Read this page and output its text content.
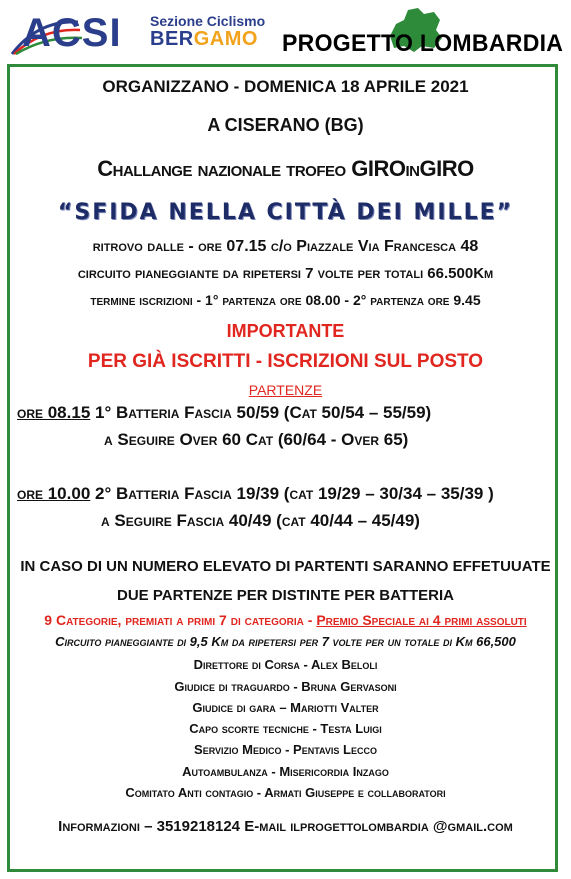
ACSI Sezione Ciclismo
BERGAMO	PROGETTO LOMBARDIA
ORGANIZZANO - DOMENICA 18 APRILE 2021
A CISERANO (BG)
Challange nazionale trofeo GIROinGIRO
“SFIDA NELLA CITTÀ DEI MILLE”
ritrovo dalle - ore 07.15 c/o Piazzale Via Francesca 48
circuito pianeggiante da ripetersi 7 volte per totali 66.500Km
termine iscrizioni - 1° partenza ore 08.00 - 2° partenza ore 9.45
IMPORTANTE
PER GIÀ ISCRITTI - ISCRIZIONI SUL POSTO
PARTENZE
ore 08.15 1° Batteria Fascia 50/59 (Cat 50/54 – 55/59)
a Seguire Over 60 Cat (60/64 - Over 65)
ore 10.00 2° Batteria Fascia 19/39 (cat 19/29 – 30/34 – 35/39 )
a Seguire Fascia 40/49 (cat 40/44 – 45/49)
IN CASO DI UN NUMERO ELEVATO DI PARTENTI SARANNO EFFETUUATE
DUE PARTENZE PER DISTINTE PER BATTERIA
9 Categorie, premiati a primi 7 di categoria - Premio Speciale ai 4 primi assoluti
Circuito pianeggiante di 9,5 Km da ripetersi per 7 volte per un totale di Km 66,500
Direttore di Corsa - Alex Beloli
Giudice di traguardo - Bruna Gervasoni
Giudice di gara – Mariotti Valter
Capo scorte tecniche - Testa Luigi
Servizio Medico - Pentavis Lecco
Autoambulanza - Misericordia Inzago
Comitato Anti contagio - Armati Giuseppe e collaboratori
Informazioni – 3519218124 E-mail ilprogettolombardia @gmail.com
